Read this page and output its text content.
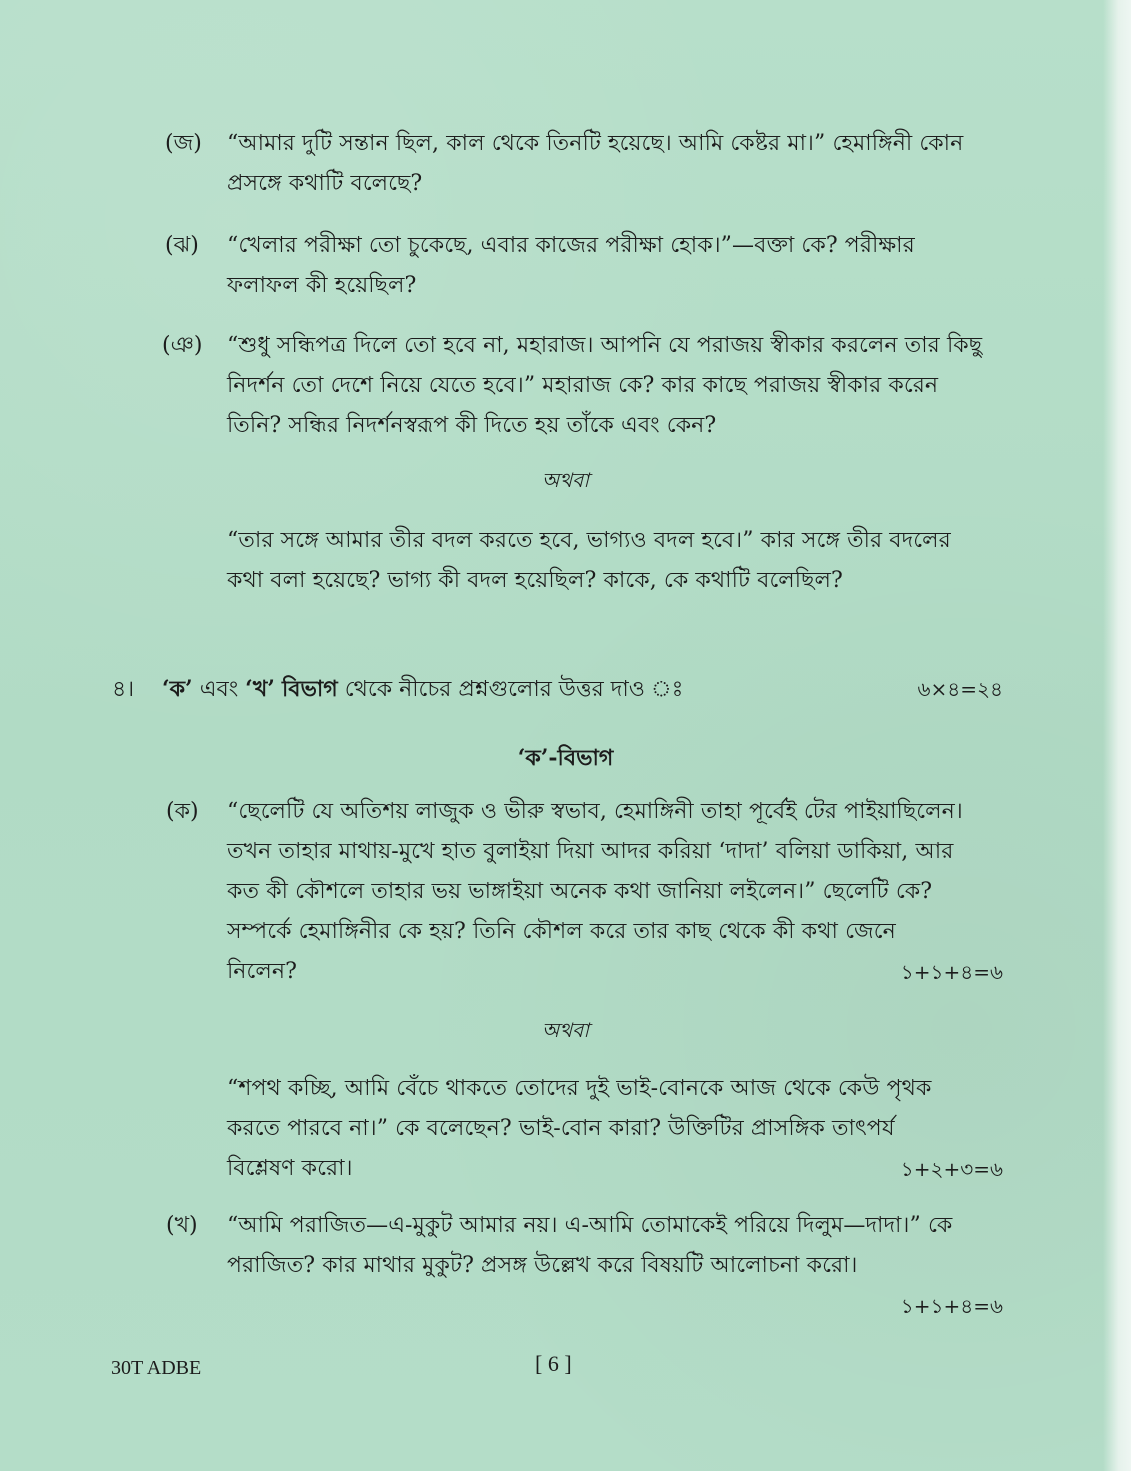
(জ) “আমার দুটি সন্তান ছিল, কাল থেকে তিনটি হয়েছে। আমি কেষ্টর মা।” হেমাঙ্গিনী কোন
প্রসঙ্গে কথাটি বলেছে?
(ঝ) “খেলার পরীক্ষা তো চুকেছে, এবার কাজের পরীক্ষা হোক।”—বক্তা কে? পরীক্ষার
ফলাফল কী হয়েছিল?
(ঞ) “শুধু সন্ধিপত্র দিলে তো হবে না, মহারাজ। আপনি যে পরাজয় স্বীকার করলেন তার কিছু
নিদর্শন তো দেশে নিয়ে যেতে হবে।” মহারাজ কে? কার কাছে পরাজয় স্বীকার করেন
তিনি? সন্ধির নিদর্শনস্বরূপ কী দিতে হয় তাঁকে এবং কেন?
অথবা
“তার সঙ্গে আমার তীর বদল করতে হবে, ভাগ্যও বদল হবে।” কার সঙ্গে তীর বদলের
কথা বলা হয়েছে? ভাগ্য কী বদল হয়েছিল? কাকে, কে কথাটি বলেছিল?
৪। ‘ক’ এবং ‘খ’ বিভাগ থেকে নীচের প্রশ্নগুলোর উত্তর দাও ঃ	৬×৪=২৪
‘ক’-বিভাগ
(ক) “ছেলেটি যে অতিশয় লাজুক ও ভীরু স্বভাব, হেমাঙ্গিনী তাহা পূর্বেই টের পাইয়াছিলেন।
তখন তাহার মাথায়-মুখে হাত বুলাইয়া দিয়া আদর করিয়া ‘দাদা’ বলিয়া ডাকিয়া, আর
কত কী কৌশলে তাহার ভয় ভাঙ্গাইয়া অনেক কথা জানিয়া লইলেন।” ছেলেটি কে?
সম্পর্কে হেমাঙ্গিনীর কে হয়? তিনি কৌশল করে তার কাছ থেকে কী কথা জেনে
নিলেন?	১+১+৪=৬
অথবা
“শপথ কচ্ছি, আমি বেঁচে থাকতে তোদের দুই ভাই-বোনকে আজ থেকে কেউ পৃথক
করতে পারবে না।” কে বলেছেন? ভাই-বোন কারা? উক্তিটির প্রাসঙ্গিক তাৎপর্য
বিশ্লেষণ করো।	১+২+৩=৬
(খ) “আমি পরাজিত—এ-মুকুট আমার নয়। এ-আমি তোমাকেই পরিয়ে দিলুম—দাদা।” কে
পরাজিত? কার মাথার মুকুট? প্রসঙ্গ উল্লেখ করে বিষয়টি আলোচনা করো।
১+১+৪=৬
30T ADBE	[ 6 ]
